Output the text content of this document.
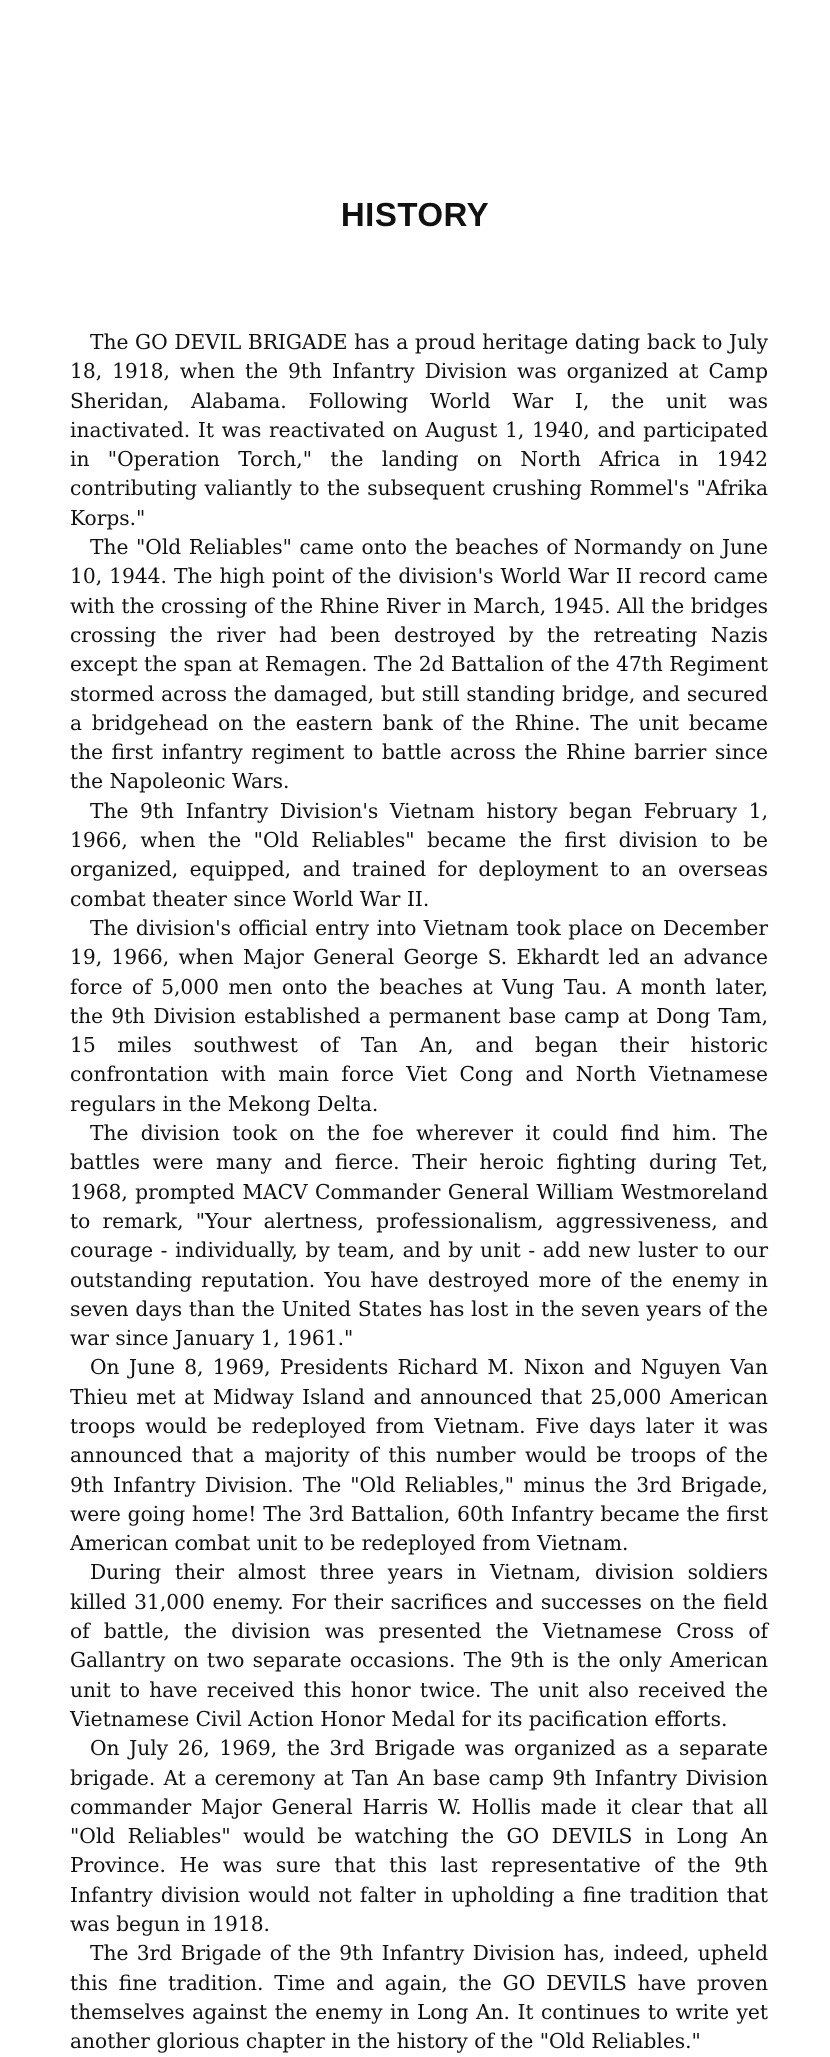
HISTORY

The GO DEVIL BRIGADE has a proud heritage dating back to July 18, 1918, when the 9th Infantry Division was organized at Camp Sheridan, Alabama. Following World War I, the unit was inactivated. It was reactivated on August 1, 1940, and participated in "Operation Torch," the landing on North Africa in 1942 contributing valiantly to the subsequent crushing Rommel's "Afrika Korps."

The "Old Reliables" came onto the beaches of Normandy on June 10, 1944. The high point of the division's World War II record came with the crossing of the Rhine River in March, 1945. All the bridges crossing the river had been destroyed by the retreating Nazis except the span at Remagen. The 2d Battalion of the 47th Regiment stormed across the damaged, but still standing bridge, and secured a bridgehead on the eastern bank of the Rhine. The unit became the first infantry regiment to battle across the Rhine barrier since the Napoleonic Wars.

The 9th Infantry Division's Vietnam history began February 1, 1966, when the "Old Reliables" became the first division to be organized, equipped, and trained for deployment to an overseas combat theater since World War II.

The division's official entry into Vietnam took place on December 19, 1966, when Major General George S. Ekhardt led an advance force of 5,000 men onto the beaches at Vung Tau. A month later, the 9th Division established a permanent base camp at Dong Tam, 15 miles southwest of Tan An, and began their historic confrontation with main force Viet Cong and North Vietnamese regulars in the Mekong Delta.

The division took on the foe wherever it could find him. The battles were many and fierce. Their heroic fighting during Tet, 1968, prompted MACV Commander General William Westmoreland to remark, "Your alertness, professionalism, aggressiveness, and courage - individually, by team, and by unit - add new luster to our outstanding reputation. You have destroyed more of the enemy in seven days than the United States has lost in the seven years of the war since January 1, 1961."

On June 8, 1969, Presidents Richard M. Nixon and Nguyen Van Thieu met at Midway Island and announced that 25,000 American troops would be redeployed from Vietnam. Five days later it was announced that a majority of this number would be troops of the 9th Infantry Division. The "Old Reliables," minus the 3rd Brigade, were going home! The 3rd Battalion, 60th Infantry became the first American combat unit to be redeployed from Vietnam.

During their almost three years in Vietnam, division soldiers killed 31,000 enemy. For their sacrifices and successes on the field of battle, the division was presented the Vietnamese Cross of Gallantry on two separate occasions. The 9th is the only American unit to have received this honor twice. The unit also received the Vietnamese Civil Action Honor Medal for its pacification efforts.

On July 26, 1969, the 3rd Brigade was organized as a separate brigade. At a ceremony at Tan An base camp 9th Infantry Division commander Major General Harris W. Hollis made it clear that all "Old Reliables" would be watching the GO DEVILS in Long An Province. He was sure that this last representative of the 9th Infantry division would not falter in upholding a fine tradition that was begun in 1918.

The 3rd Brigade of the 9th Infantry Division has, indeed, upheld this fine tradition. Time and again, the GO DEVILS have proven themselves against the enemy in Long An. It continues to write yet another glorious chapter in the history of the "Old Reliables."
